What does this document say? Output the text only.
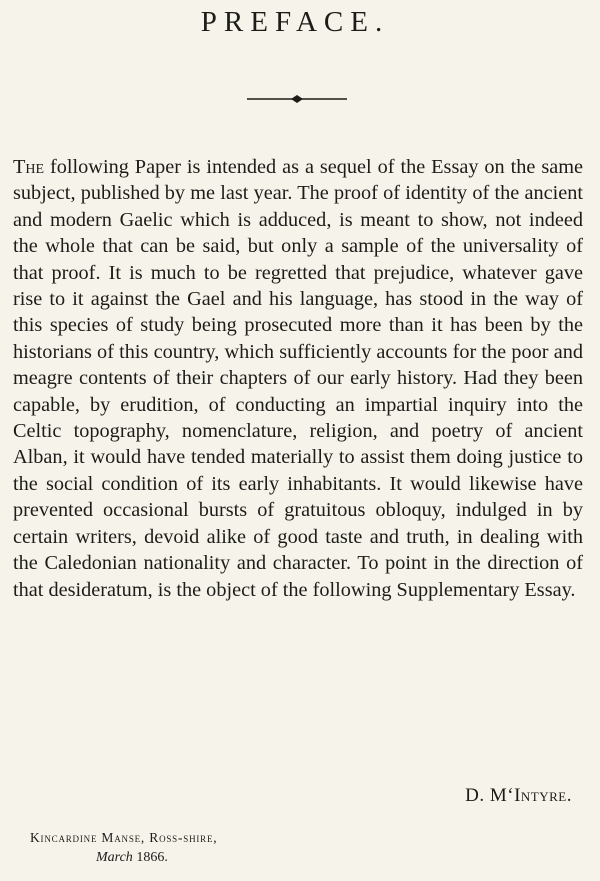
PREFACE.

The following Paper is intended as a sequel of the Essay on the same subject, published by me last year. The proof of identity of the ancient and modern Gaelic which is adduced, is meant to show, not indeed the whole that can be said, but only a sample of the universality of that proof. It is much to be regretted that prejudice, whatever gave rise to it against the Gael and his language, has stood in the way of this species of study being prosecuted more than it has been by the historians of this country, which sufficiently accounts for the poor and meagre contents of their chapters of our early history. Had they been capable, by erudition, of conducting an impartial inquiry into the Celtic topography, nomenclature, religion, and poetry of ancient Alban, it would have tended materially to assist them doing justice to the social condition of its early inhabitants. It would likewise have prevented occasional bursts of gratuitous obloquy, indulged in by certain writers, devoid alike of good taste and truth, in dealing with the Caledonian nationality and character. To point in the direction of that desideratum, is the object of the following Supplementary Essay.

D. M‘Intyre.
Kincardine Manse, Ross-shire,
March 1866.
